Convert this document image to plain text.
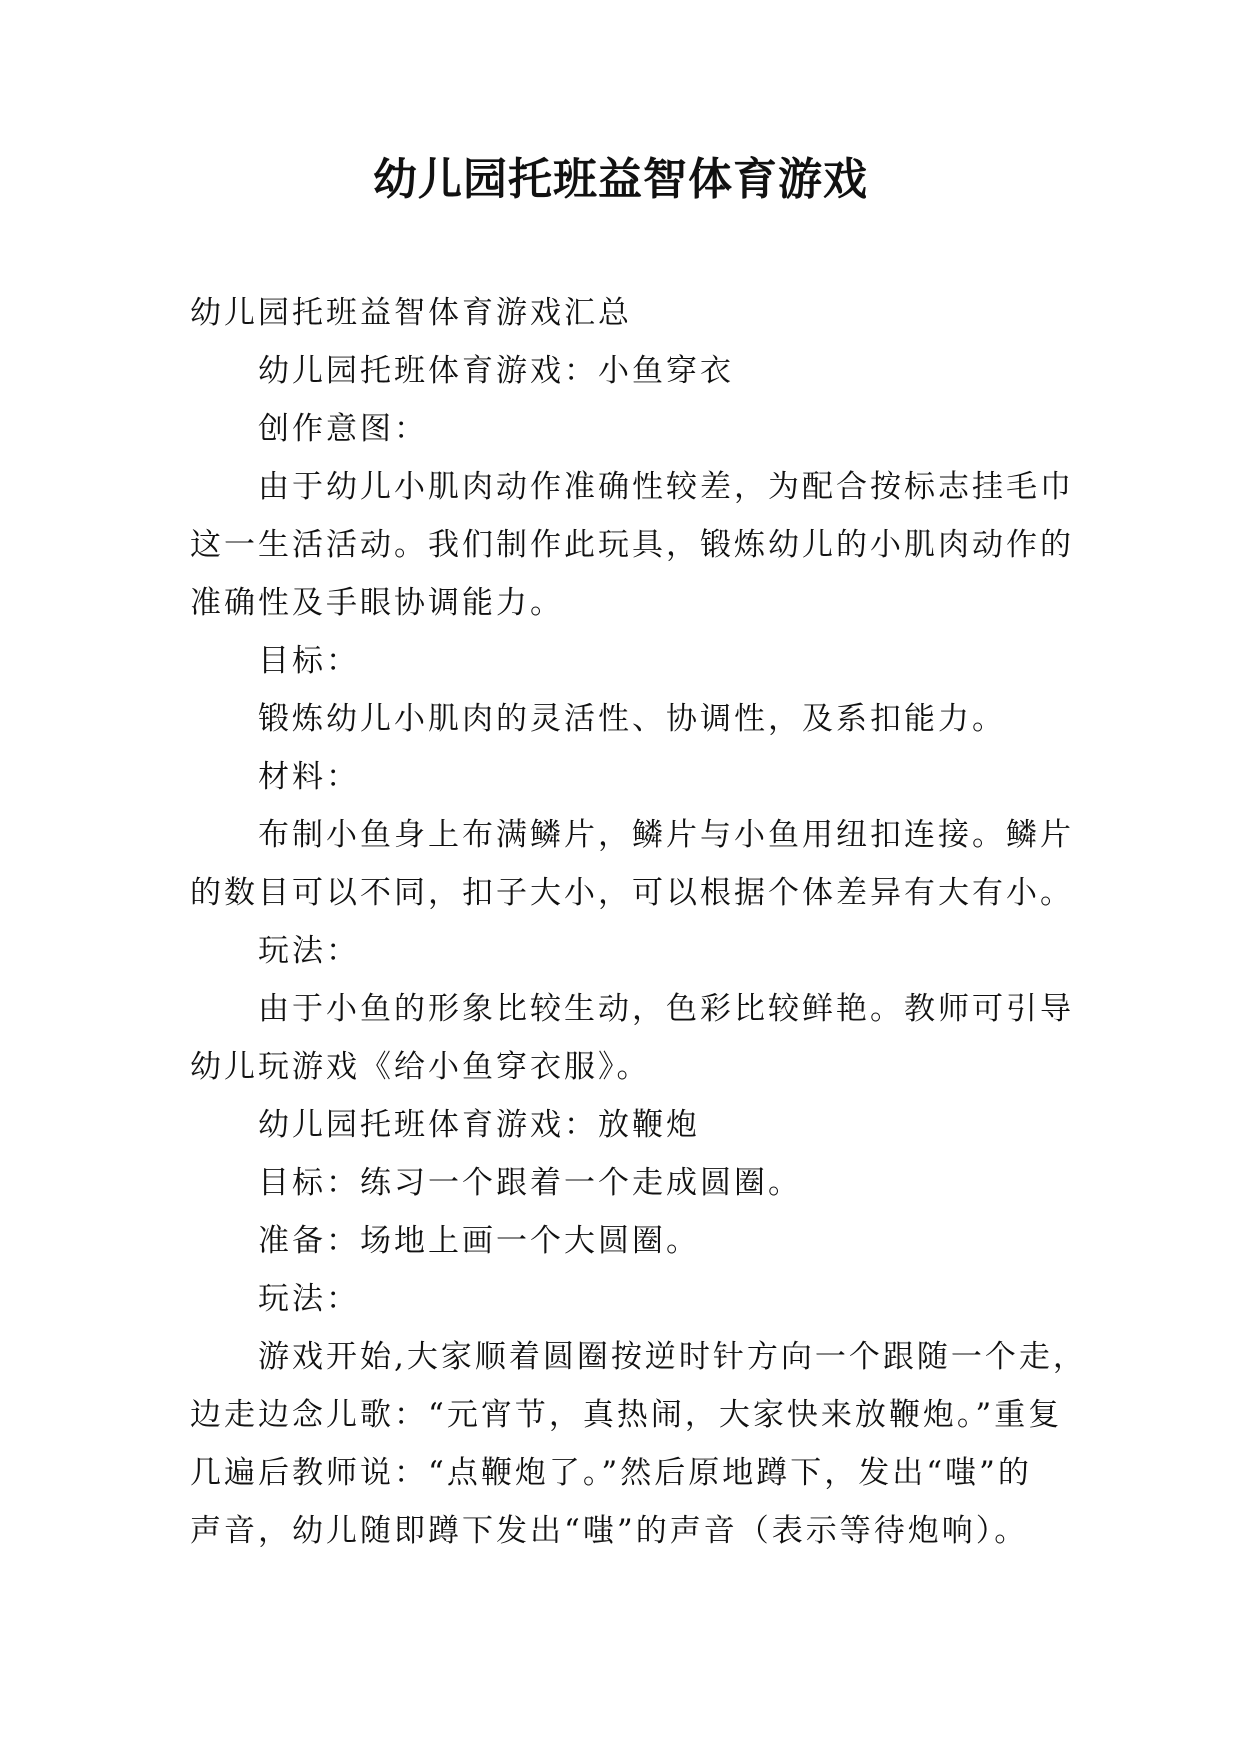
幼儿园托班益智体育游戏

幼儿园托班益智体育游戏汇总

幼儿园托班体育游戏：小鱼穿衣

创作意图：

由于幼儿小肌肉动作准确性较差，为配合按标志挂毛巾

这一生活活动。我们制作此玩具，锻炼幼儿的小肌肉动作的

准确性及手眼协调能力。

目标：

锻炼幼儿小肌肉的灵活性、协调性，及系扣能力。

材料：

布制小鱼身上布满鳞片，鳞片与小鱼用纽扣连接。鳞片

的数目可以不同，扣子大小，可以根据个体差异有大有小。

玩法：

由于小鱼的形象比较生动，色彩比较鲜艳。教师可引导

幼儿玩游戏《给小鱼穿衣服》。

幼儿园托班体育游戏：放鞭炮

目标：练习一个跟着一个走成圆圈。

准备：场地上画一个大圆圈。

玩法：

游戏开始,大家顺着圆圈按逆时针方向一个跟随一个走，

边走边念儿歌：“元宵节，真热闹，大家快来放鞭炮。”重复

几遍后教师说：“点鞭炮了。”然后原地蹲下，发出“嗤”的

声音，幼儿随即蹲下发出“嗤”的声音（表示等待炮响）。
